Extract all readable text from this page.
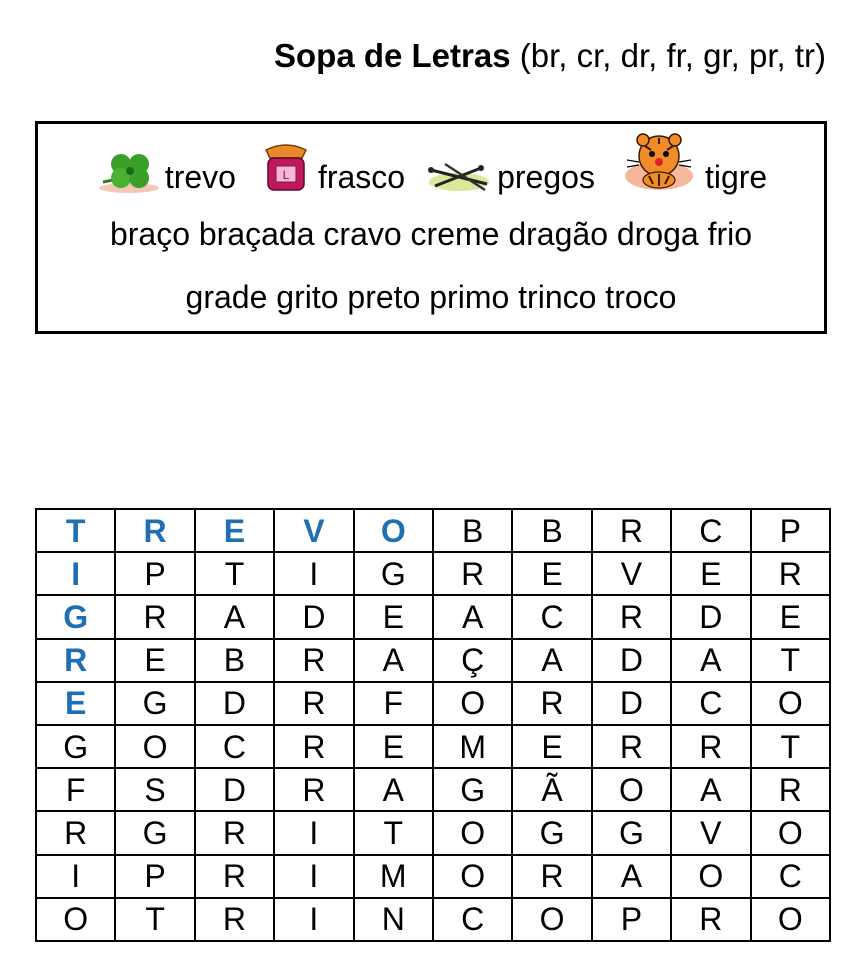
Sopa de Letras (br, cr, dr, fr, gr, pr, tr)
trevo	L frasco	pregos	tigre
braço braçada cravo creme dragão droga frio
grade grito preto primo trinco troco
T	R	E	V	O	B	B	R	C	P
I	P	T	I	G	R	E	V	E	R
G	R	A	D	E	A	C	R	D	E
R	E	B	R	A	Ç	A	D	A	T
E	G	D	R	F	O	R	D	C	O
G	O	C	R	E	M	E	R	R	T
F	S	D	R	A	G	Ã	O	A	R
R	G	R	I	T	O	G	G	V	O
I	P	R	I	M	O	R	A	O	C
O	T	R	I	N	C	O	P	R	O
